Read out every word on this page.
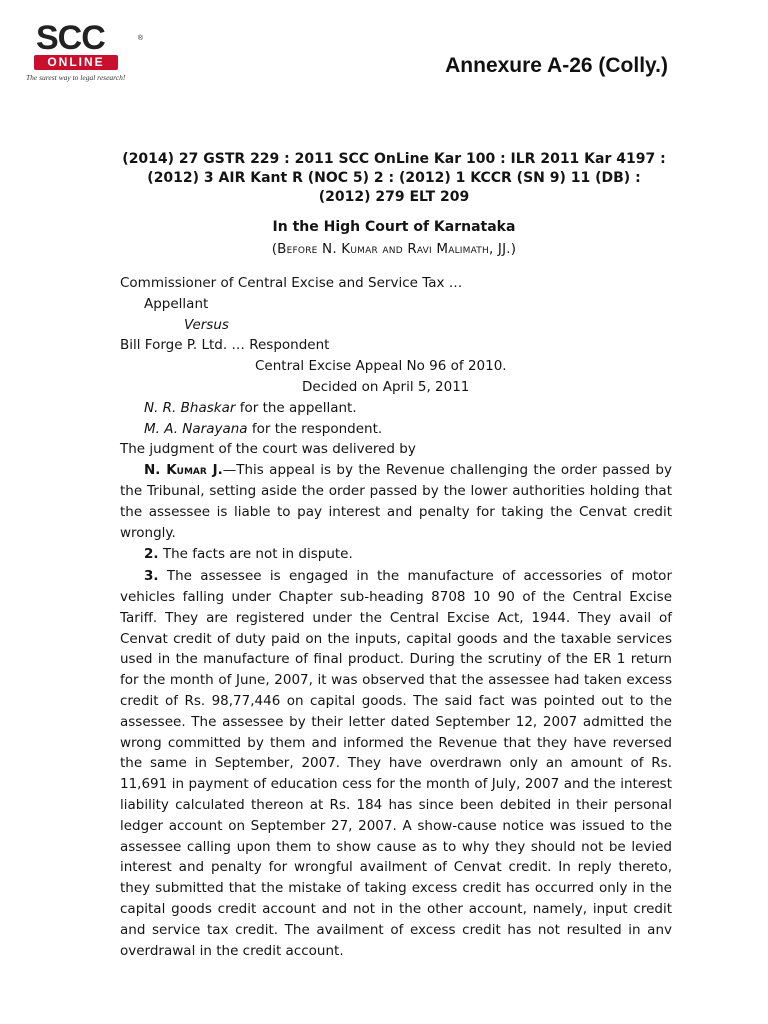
SCC	®
ONLINE
The surest way to legal research!
Annexure A-26 (Colly.)
(2014) 27 GSTR 229 : 2011 SCC OnLine Kar 100 : ILR 2011 Kar 4197 : (2012) 3 AIR Kant R (NOC 5) 2 : (2012) 1 KCCR (SN 9) 11 (DB) : (2012) 279 ELT 209
In the High Court of Karnataka
(Before N. Kumar and Ravi Malimath, JJ.)
Commissioner of Central Excise and Service Tax …
Appellant
Versus
Bill Forge P. Ltd. … Respondent
Central Excise Appeal No 96 of 2010.
Decided on April 5, 2011
N. R. Bhaskar for the appellant.
M. A. Narayana for the respondent.
The judgment of the court was delivered by

N. Kumar J.—This appeal is by the Revenue challenging the order passed by the Tribunal, setting aside the order passed by the lower authorities holding that the assessee is liable to pay interest and penalty for taking the Cenvat credit wrongly.

2. The facts are not in dispute.

3. The assessee is engaged in the manufacture of accessories of motor vehicles falling under Chapter sub-heading 8708 10 90 of the Central Excise Tariff. They are registered under the Central Excise Act, 1944. They avail of Cenvat credit of duty paid on the inputs, capital goods and the taxable services used in the manufacture of final product. During the scrutiny of the ER 1 return for the month of June, 2007, it was observed that the assessee had taken excess credit of Rs. 98,77,446 on capital goods. The said fact was pointed out to the assessee. The assessee by their letter dated September 12, 2007 admitted the wrong committed by them and informed the Revenue that they have reversed the same in September, 2007. They have overdrawn only an amount of Rs. 11,691 in payment of education cess for the month of July, 2007 and the interest liability calculated thereon at Rs. 184 has since been debited in their personal ledger account on September 27, 2007. A show-cause notice was issued to the assessee calling upon them to show cause as to why they should not be levied interest and penalty for wrongful availment of Cenvat credit. In reply thereto, they submitted that the mistake of taking excess credit has occurred only in the capital goods credit account and not in the other account, namely, input credit and service tax credit. The availment of excess credit has not resulted in anv overdrawal in the credit account.
